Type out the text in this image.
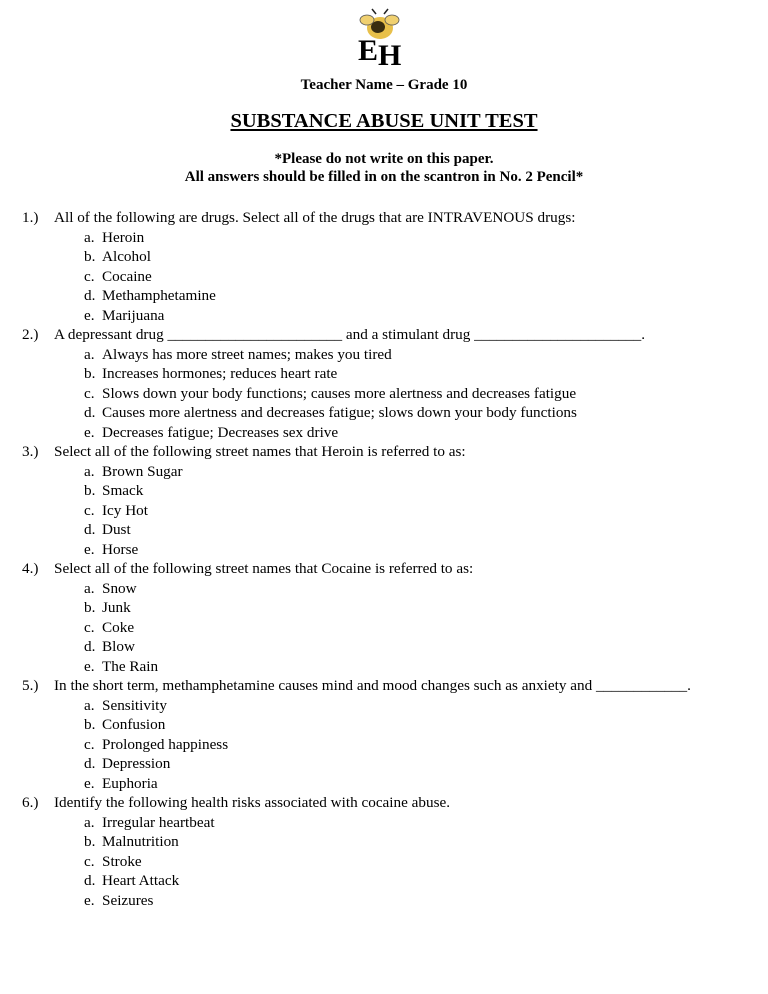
E H
Teacher Name – Grade 10
SUBSTANCE ABUSE UNIT TEST
*Please do not write on this paper.
All answers should be filled in on the scantron in No. 2 Pencil*
1.)	All of the following are drugs. Select all of the drugs that are INTRAVENOUS drugs:
a. Heroin
b. Alcohol
c. Cocaine
d. Methamphetamine
e. Marijuana
2.)	A depressant drug _______________________ and a stimulant drug ______________________.
a. Always has more street names; makes you tired
b. Increases hormones; reduces heart rate
c. Slows down your body functions; causes more alertness and decreases fatigue
d. Causes more alertness and decreases fatigue; slows down your body functions
e. Decreases fatigue; Decreases sex drive
3.)	Select all of the following street names that Heroin is referred to as:
a. Brown Sugar
b. Smack
c. Icy Hot
d. Dust
e. Horse
4.)	Select all of the following street names that Cocaine is referred to as:
a. Snow
b. Junk
c. Coke
d. Blow
e. The Rain
5.)	In the short term, methamphetamine causes mind and mood changes such as anxiety and ____________.
a. Sensitivity
b. Confusion
c. Prolonged happiness
d. Depression
e. Euphoria
6.)	Identify the following health risks associated with cocaine abuse.
a. Irregular heartbeat
b. Malnutrition
c. Stroke
d. Heart Attack
e. Seizures
